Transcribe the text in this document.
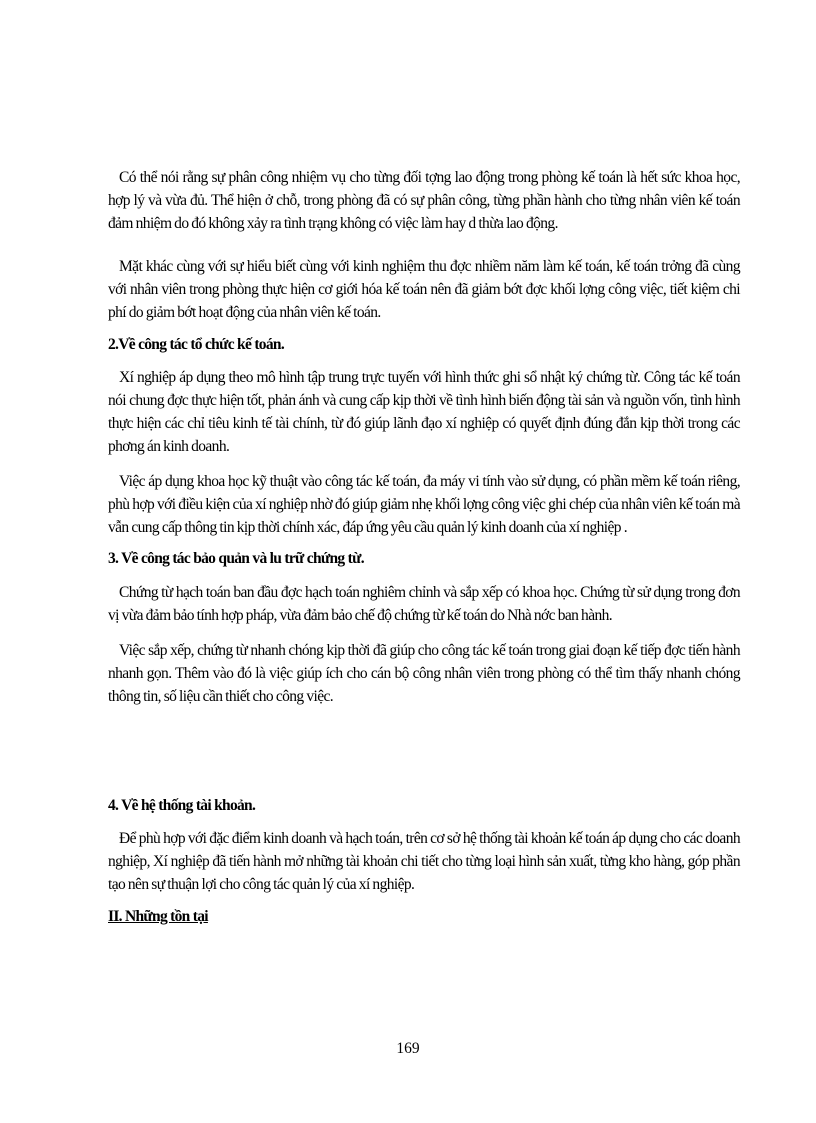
Có thể nói rằng sự phân công nhiệm vụ cho từng đối tợng lao động trong phòng kế toán là hết sức khoa học, hợp lý và vừa đủ. Thể hiện ở chỗ, trong phòng đã có sự phân công, từng phần hành cho từng nhân viên kế toán đảm nhiệm do đó không xảy ra tình trạng không có việc làm hay d thừa lao động.

Mặt khác cùng với sự hiểu biết cùng với kinh nghiệm thu đợc nhiềm năm làm kế toán, kế toán trởng đã cùng với nhân viên trong phòng thực hiện cơ giới hóa kế toán nên đã giảm bớt đợc khối lợng công việc, tiết kiệm chi phí do giảm bớt hoạt động của nhân viên kế toán.

2.Về công tác tổ chức kế toán.

Xí nghiệp áp dụng theo mô hình tập trung trực tuyến với hình thức ghi sổ nhật ký chứng từ. Công tác kế toán nói chung đợc thực hiện tốt, phản ánh và cung cấp kịp thời về tình hình biến động tài sản và nguồn vốn, tình hình thực hiện các chỉ tiêu kinh tế tài chính, từ đó giúp lãnh đạo xí nghiệp có quyết định đúng đắn kịp thời trong các phơng án kinh doanh.

Việc áp dụng khoa học kỹ thuật vào công tác kế toán, đa máy vi tính vào sử dụng, có phần mềm kế toán riêng, phù hợp với điều kiện của xí nghiệp nhờ đó giúp giảm nhẹ khối lợng công việc ghi chép của nhân viên kế toán mà vẫn cung cấp thông tin kịp thời chính xác, đáp ứng yêu cầu quản lý kinh doanh của xí nghiệp .

3. Về công tác bảo quản và lu trữ chứng từ.

Chứng từ hạch toán ban đầu đợc hạch toán nghiêm chỉnh và sắp xếp có khoa học. Chứng từ sử dụng trong đơn vị vừa đảm bảo tính hợp pháp, vừa đảm bảo chế độ chứng từ kế toán do Nhà nớc ban hành.

Việc sắp xếp, chứng từ nhanh chóng kịp thời đã giúp cho công tác kế toán trong giai đoạn kế tiếp đợc tiến hành nhanh gọn. Thêm vào đó là việc giúp ích cho cán bộ công nhân viên trong phòng có thể tìm thấy nhanh chóng thông tin, số liệu cần thiết cho công việc.

4. Về hệ thống tài khoản.

Để phù hợp với đặc điểm kinh doanh và hạch toán, trên cơ sở hệ thống tài khoản kế toán áp dụng cho các doanh nghiệp, Xí nghiệp đã tiến hành mở những tài khoản chi tiết cho từng loại hình sản xuất, từng kho hàng, góp phần tạo nên sự thuận lợi cho công tác quản lý của xí nghiệp.

II. Những tồn tại
169
